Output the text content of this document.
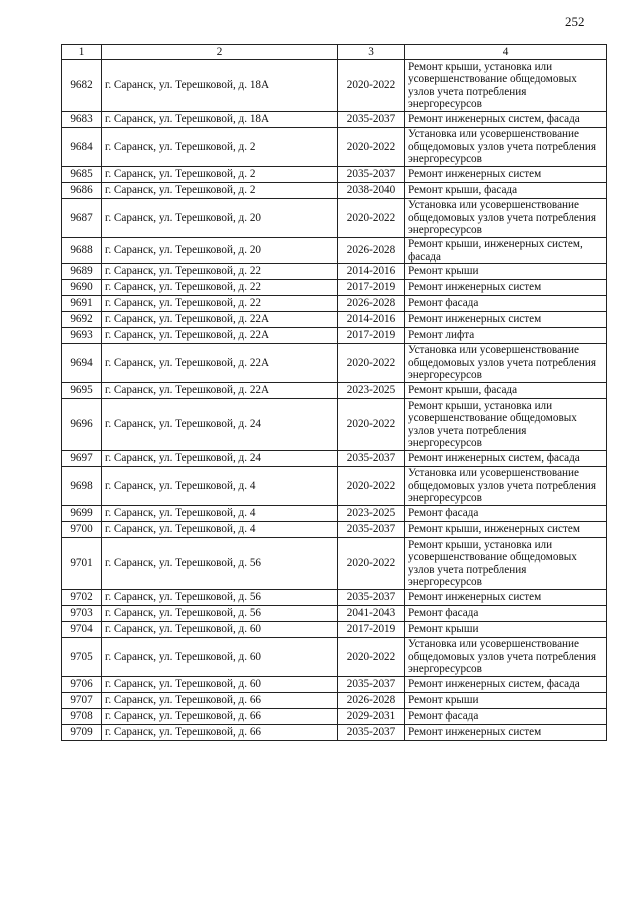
252
1	2	3	4
9682	г. Саранск, ул. Терешковой, д. 18А	2020-2022	Ремонт крыши, установка или усовершенствование общедомовых узлов учета потребления энергоресурсов
9683	г. Саранск, ул. Терешковой, д. 18А	2035-2037	Ремонт инженерных систем, фасада
9684	г. Саранск, ул. Терешковой, д. 2	2020-2022	Установка или усовершенствование общедомовых узлов учета потребления энергоресурсов
9685	г. Саранск, ул. Терешковой, д. 2	2035-2037	Ремонт инженерных систем
9686	г. Саранск, ул. Терешковой, д. 2	2038-2040	Ремонт крыши, фасада
9687	г. Саранск, ул. Терешковой, д. 20	2020-2022	Установка или усовершенствование общедомовых узлов учета потребления энергоресурсов
9688	г. Саранск, ул. Терешковой, д. 20	2026-2028	Ремонт крыши, инженерных систем, фасада
9689	г. Саранск, ул. Терешковой, д. 22	2014-2016	Ремонт крыши
9690	г. Саранск, ул. Терешковой, д. 22	2017-2019	Ремонт инженерных систем
9691	г. Саранск, ул. Терешковой, д. 22	2026-2028	Ремонт фасада
9692	г. Саранск, ул. Терешковой, д. 22А	2014-2016	Ремонт инженерных систем
9693	г. Саранск, ул. Терешковой, д. 22А	2017-2019	Ремонт лифта
9694	г. Саранск, ул. Терешковой, д. 22А	2020-2022	Установка или усовершенствование общедомовых узлов учета потребления энергоресурсов
9695	г. Саранск, ул. Терешковой, д. 22А	2023-2025	Ремонт крыши, фасада
9696	г. Саранск, ул. Терешковой, д. 24	2020-2022	Ремонт крыши, установка или усовершенствование общедомовых узлов учета потребления энергоресурсов
9697	г. Саранск, ул. Терешковой, д. 24	2035-2037	Ремонт инженерных систем, фасада
9698	г. Саранск, ул. Терешковой, д. 4	2020-2022	Установка или усовершенствование общедомовых узлов учета потребления энергоресурсов
9699	г. Саранск, ул. Терешковой, д. 4	2023-2025	Ремонт фасада
9700	г. Саранск, ул. Терешковой, д. 4	2035-2037	Ремонт крыши, инженерных систем
9701	г. Саранск, ул. Терешковой, д. 56	2020-2022	Ремонт крыши, установка или усовершенствование общедомовых узлов учета потребления энергоресурсов
9702	г. Саранск, ул. Терешковой, д. 56	2035-2037	Ремонт инженерных систем
9703	г. Саранск, ул. Терешковой, д. 56	2041-2043	Ремонт фасада
9704	г. Саранск, ул. Терешковой, д. 60	2017-2019	Ремонт крыши
9705	г. Саранск, ул. Терешковой, д. 60	2020-2022	Установка или усовершенствование общедомовых узлов учета потребления энергоресурсов
9706	г. Саранск, ул. Терешковой, д. 60	2035-2037	Ремонт инженерных систем, фасада
9707	г. Саранск, ул. Терешковой, д. 66	2026-2028	Ремонт крыши
9708	г. Саранск, ул. Терешковой, д. 66	2029-2031	Ремонт фасада
9709	г. Саранск, ул. Терешковой, д. 66	2035-2037	Ремонт инженерных систем
